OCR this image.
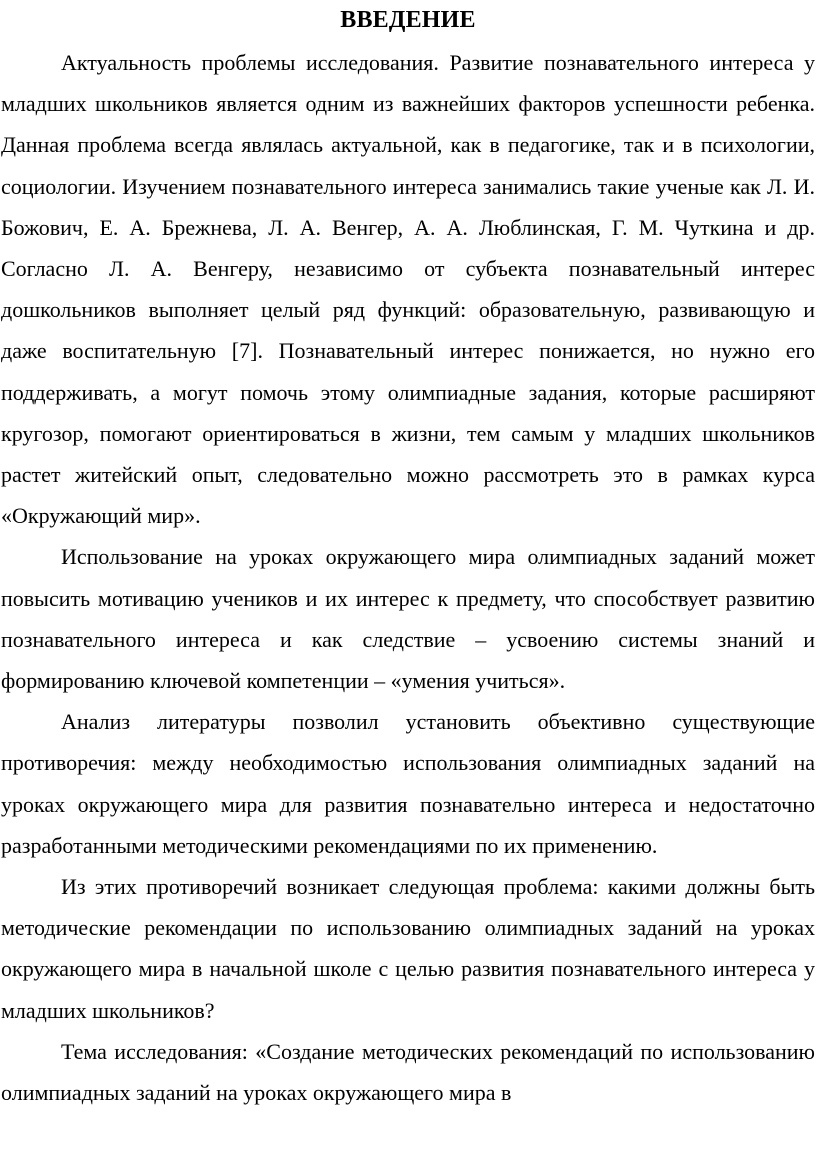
ВВЕДЕНИЕ

Актуальность проблемы исследования. Развитие познавательного интереса у младших школьников является одним из важнейших факторов успешности ребенка. Данная проблема всегда являлась актуальной, как в педагогике, так и в психологии, социологии. Изучением познавательного интереса занимались такие ученые как Л. И. Божович, Е. А. Брежнева, Л. А. Венгер, А. А. Люблинская, Г. М. Чуткина и др. Согласно Л. А. Венгеру, независимо от субъекта познавательный интерес дошкольников выполняет целый ряд функций: образовательную, развивающую и даже воспитательную [7]. Познавательный интерес понижается, но нужно его поддерживать, а могут помочь этому олимпиадные задания, которые расширяют кругозор, помогают ориентироваться в жизни, тем самым у младших школьников растет житейский опыт, следовательно можно рассмотреть это в рамках курса «Окружающий мир».

Использование на уроках окружающего мира олимпиадных заданий может повысить мотивацию учеников и их интерес к предмету, что способствует развитию познавательного интереса и как следствие – усвоению системы знаний и формированию ключевой компетенции – «умения учиться».

Анализ литературы позволил установить объективно существующие противоречия: между необходимостью использования олимпиадных заданий на уроках окружающего мира для развития познавательно интереса и недостаточно разработанными методическими рекомендациями по их применению.

Из этих противоречий возникает следующая проблема: какими должны быть методические рекомендации по использованию олимпиадных заданий на уроках окружающего мира в начальной школе с целью развития познавательного интереса у младших школьников?

Тема исследования: «Создание методических рекомендаций по использованию олимпиадных заданий на уроках окружающего мира в
